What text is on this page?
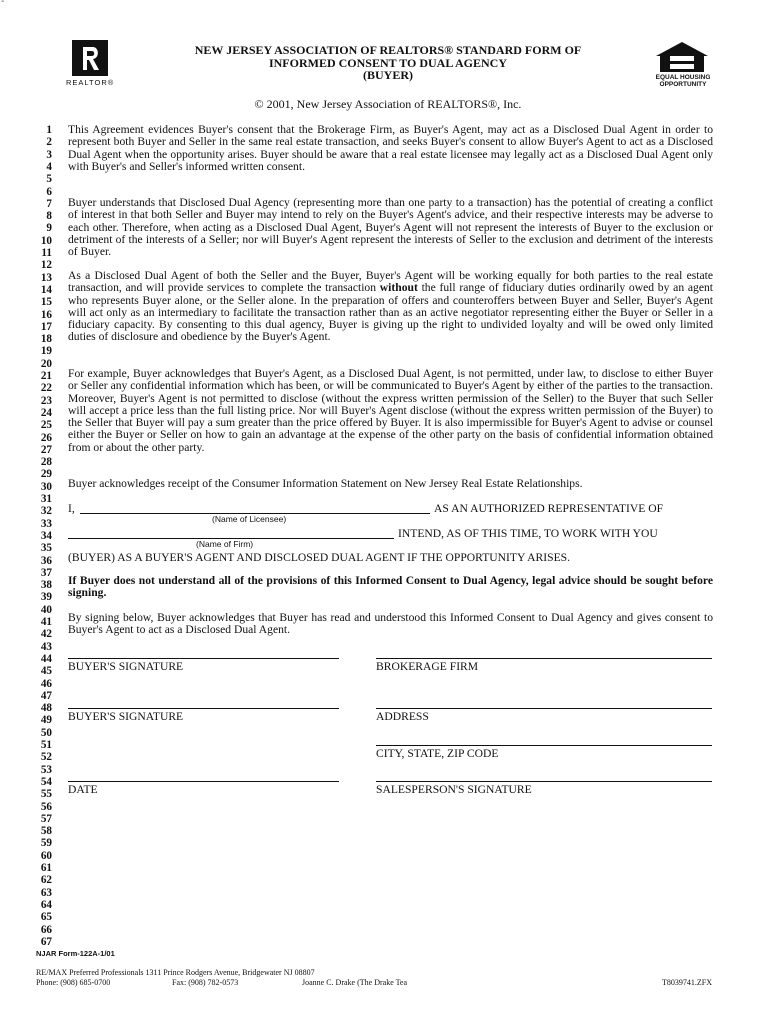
-
REALTOR®
EQUAL HOUSING
OPPORTUNITY
NEW JERSEY ASSOCIATION OF REALTORS® STANDARD FORM OF
INFORMED CONSENT TO DUAL AGENCY
(BUYER)
© 2001, New Jersey Association of REALTORS®, Inc.
1
2
3
4
5
6
7
8
9
10
11
12
13
14
15
16
17
18
19
20
21
22
23
24
25
26
27
28
29
30
31
32
33
34
35
36
37
38
39
40
41
42
43
44
45
46
47
48
49
50
51
52
53
54
55
56
57
58
59
60
61
62
63
64
65
66
67
This Agreement evidences Buyer's consent that the Brokerage Firm, as Buyer's Agent, may act as a Disclosed Dual Agent in order to represent both Buyer and Seller in the same real estate transaction, and seeks Buyer's consent to allow Buyer's Agent to act as a Disclosed Dual Agent when the opportunity arises. Buyer should be aware that a real estate licensee may legally act as a Disclosed Dual Agent only with Buyer's and Seller's informed written consent.
Buyer understands that Disclosed Dual Agency (representing more than one party to a transaction) has the potential of creating a conflict of interest in that both Seller and Buyer may intend to rely on the Buyer's Agent's advice, and their respective interests may be adverse to each other. Therefore, when acting as a Disclosed Dual Agent, Buyer's Agent will not represent the interests of Buyer to the exclusion or detriment of the interests of a Seller; nor will Buyer's Agent represent the interests of Seller to the exclusion and detriment of the interests of Buyer.
As a Disclosed Dual Agent of both the Seller and the Buyer, Buyer's Agent will be working equally for both parties to the real estate transaction, and will provide services to complete the transaction without the full range of fiduciary duties ordinarily owed by an agent who represents Buyer alone, or the Seller alone. In the preparation of offers and counteroffers between Buyer and Seller, Buyer's Agent will act only as an intermediary to facilitate the transaction rather than as an active negotiator representing either the Buyer or Seller in a fiduciary capacity. By consenting to this dual agency, Buyer is giving up the right to undivided loyalty and will be owed only limited duties of disclosure and obedience by the Buyer's Agent.
For example, Buyer acknowledges that Buyer's Agent, as a Disclosed Dual Agent, is not permitted, under law, to disclose to either Buyer or Seller any confidential information which has been, or will be communicated to Buyer's Agent by either of the parties to the transaction. Moreover, Buyer's Agent is not permitted to disclose (without the express written permission of the Seller) to the Buyer that such Seller will accept a price less than the full listing price. Nor will Buyer's Agent disclose (without the express written permission of the Buyer) to the Seller that Buyer will pay a sum greater than the price offered by Buyer. It is also impermissible for Buyer's Agent to advise or counsel either the Buyer or Seller on how to gain an advantage at the expense of the other party on the basis of confidential information obtained from or about the other party.
Buyer acknowledges receipt of the Consumer Information Statement on New Jersey Real Estate Relationships.
I,	AS AN AUTHORIZED REPRESENTATIVE OF
(Name of Licensee)
INTEND, AS OF THIS TIME, TO WORK WITH YOU
(Name of Firm)
(BUYER) AS A BUYER'S AGENT AND DISCLOSED DUAL AGENT IF THE OPPORTUNITY ARISES.
If Buyer does not understand all of the provisions of this Informed Consent to Dual Agency, legal advice should be sought before signing.
By signing below, Buyer acknowledges that Buyer has read and understood this Informed Consent to Dual Agency and gives consent to Buyer's Agent to act as a Disclosed Dual Agent.
BUYER'S SIGNATURE	BROKERAGE FIRM
BUYER'S SIGNATURE	ADDRESS
CITY, STATE, ZIP CODE
DATE	SALESPERSON'S SIGNATURE
NJAR Form-122A-1/01
RE/MAX Preferred Professionals 1311 Prince Rodgers Avenue, Bridgewater NJ 08807
Phone: (908) 685-0700	Fax: (908) 782-0573	Joanne C. Drake (The Drake Tea	T8039741.ZFX
